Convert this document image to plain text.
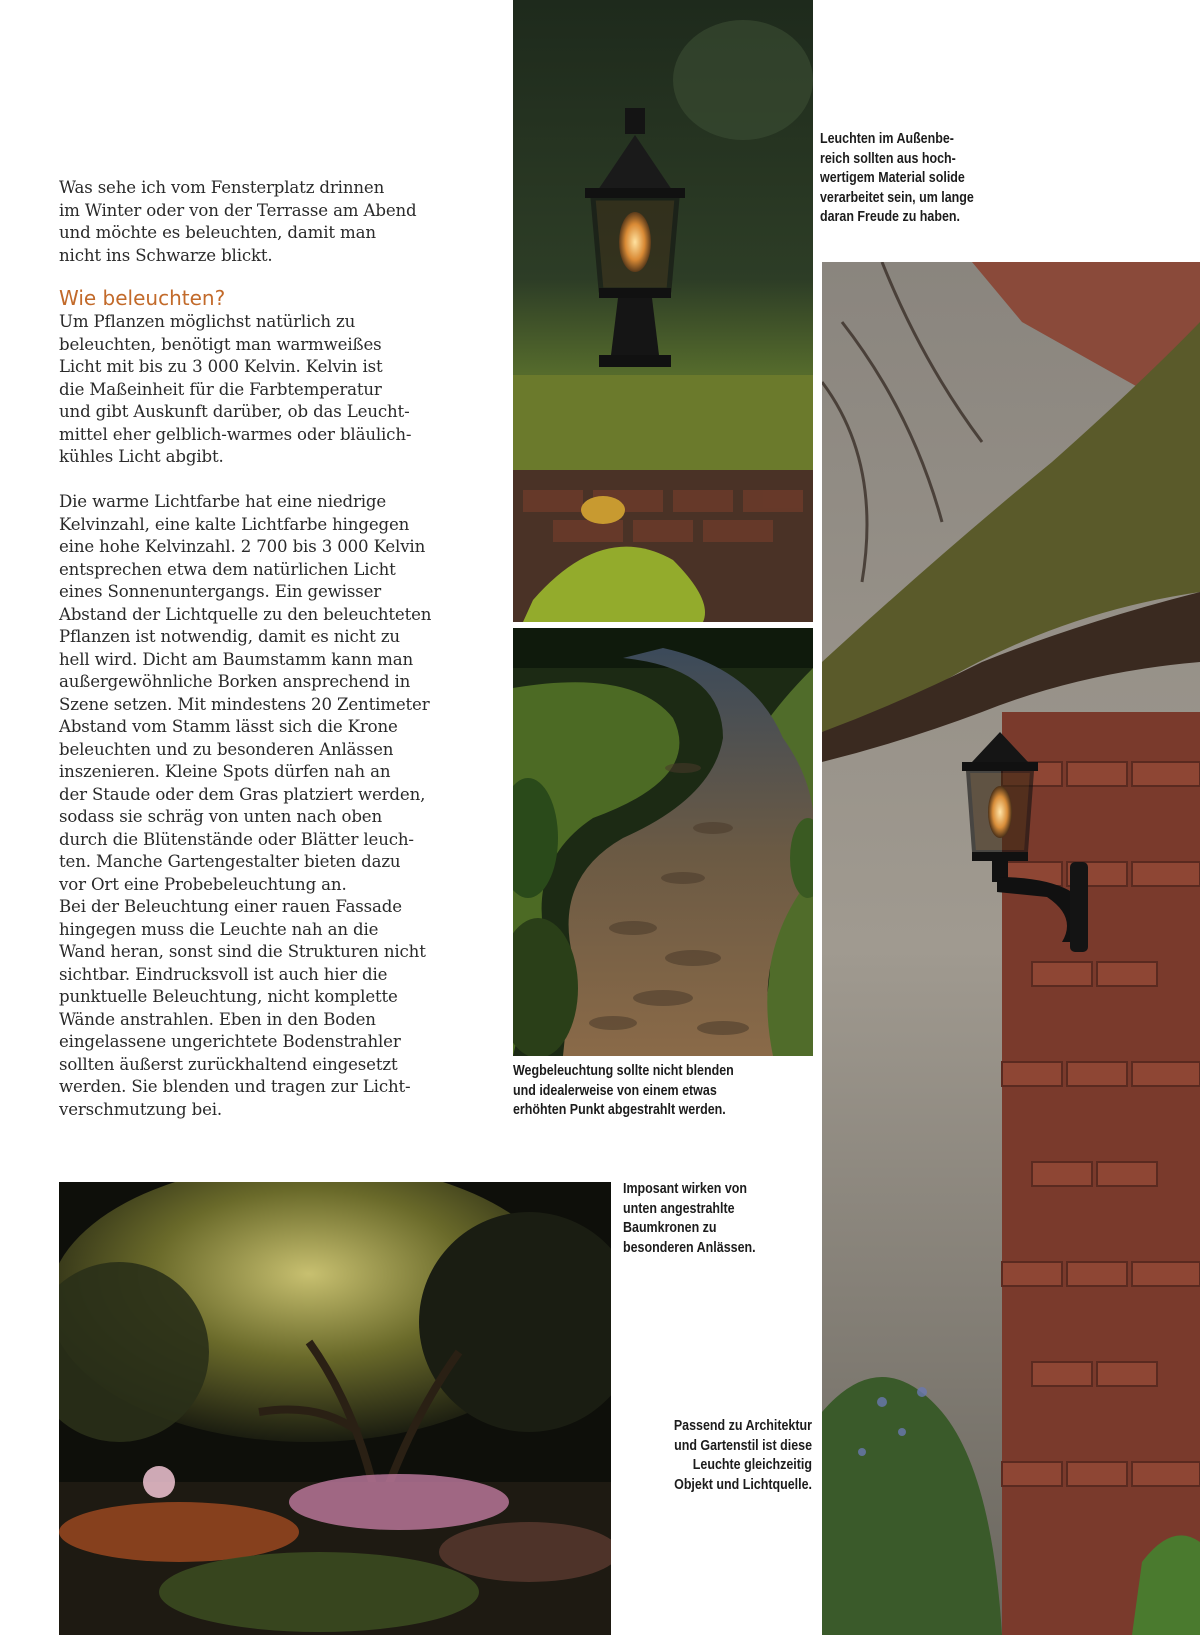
Was sehe ich vom Fensterplatz drinnen
im Winter oder von der Terrasse am Abend
und möchte es beleuchten, damit man
nicht ins Schwarze blickt.

Wie beleuchten?

Um Pflanzen möglichst natürlich zu
beleuchten, benötigt man warmweißes
Licht mit bis zu 3 000 Kelvin. Kelvin ist
die Maßeinheit für die Farbtemperatur
und gibt Auskunft darüber, ob das Leucht-
mittel eher gelblich-warmes oder bläulich-
kühles Licht abgibt.

Die warme Lichtfarbe hat eine niedrige
Kelvinzahl, eine kalte Lichtfarbe hingegen
eine hohe Kelvinzahl. 2 700 bis 3 000 Kelvin
entsprechen etwa dem natürlichen Licht
eines Sonnenuntergangs. Ein gewisser
Abstand der Lichtquelle zu den beleuchteten
Pflanzen ist notwendig, damit es nicht zu
hell wird. Dicht am Baumstamm kann man
außergewöhnliche Borken ansprechend in
Szene setzen. Mit mindestens 20 Zentimeter
Abstand vom Stamm lässt sich die Krone
beleuchten und zu besonderen Anlässen
inszenieren. Kleine Spots dürfen nah an
der Staude oder dem Gras platziert werden,
sodass sie schräg von unten nach oben
durch die Blütenstände oder Blätter leuch-
ten. Manche Gartengestalter bieten dazu
vor Ort eine Probebeleuchtung an.
Bei der Beleuchtung einer rauen Fassade
hingegen muss die Leuchte nah an die
Wand heran, sonst sind die Strukturen nicht
sichtbar. Eindrucksvoll ist auch hier die
punktuelle Beleuchtung, nicht komplette
Wände anstrahlen. Eben in den Boden
eingelassene ungerichtete Bodenstrahler
sollten äußerst zurückhaltend eingesetzt
werden. Sie blenden und tragen zur Licht-
verschmutzung bei.

Leuchten im Außenbe-
reich sollten aus hoch-
wertigem Material solide
verarbeitet sein, um lange
daran Freude zu haben.

Wegbeleuchtung sollte nicht blenden
und idealerweise von einem etwas
erhöhten Punkt abgestrahlt werden.

Imposant wirken von
unten angestrahlte
Baumkronen zu
besonderen Anlässen.

Passend zu Architektur
und Gartenstil ist diese
Leuchte gleichzeitig
Objekt und Lichtquelle.
